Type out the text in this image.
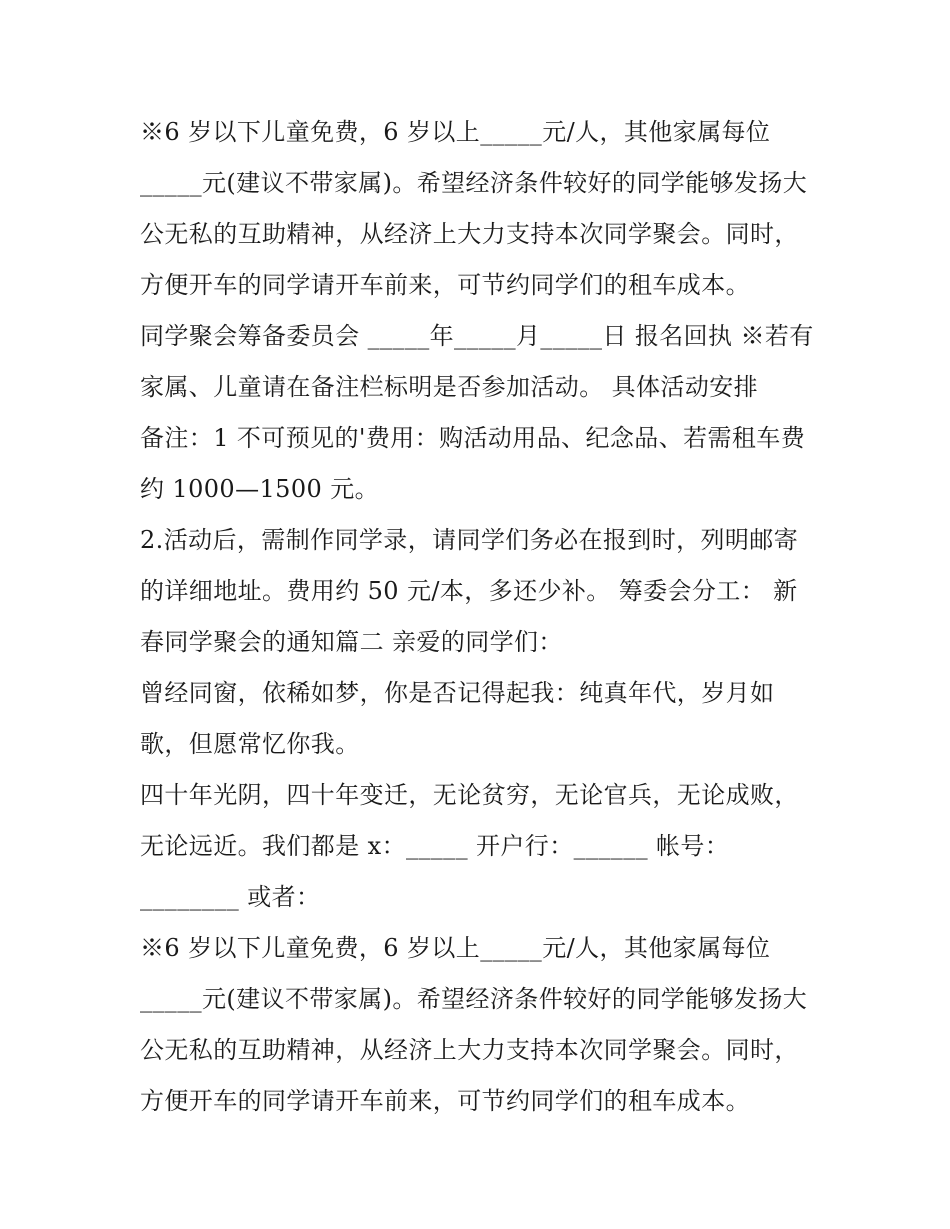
※6 岁以下儿童免费，6 岁以上_____元/人，其他家属每位
_____元(建议不带家属)。希望经济条件较好的同学能够发扬大
公无私的互助精神，从经济上大力支持本次同学聚会。同时，
方便开车的同学请开车前来，可节约同学们的租车成本。
同学聚会筹备委员会 _____年_____月_____日 报名回执 ※若有
家属、儿童请在备注栏标明是否参加活动。 具体活动安排
备注：1 不可预见的'费用：购活动用品、纪念品、若需租车费
约 1000—1500 元。
2.活动后，需制作同学录，请同学们务必在报到时，列明邮寄
的详细地址。费用约 50 元/本，多还少补。 筹委会分工： 新
春同学聚会的通知篇二 亲爱的同学们：
曾经同窗，依稀如梦，你是否记得起我：纯真年代，岁月如
歌，但愿常忆你我。
四十年光阴，四十年变迁，无论贫穷，无论官兵，无论成败，
无论远近。我们都是 x：_____ 开户行：______ 帐号：
________ 或者：
※6 岁以下儿童免费，6 岁以上_____元/人，其他家属每位
_____元(建议不带家属)。希望经济条件较好的同学能够发扬大
公无私的互助精神，从经济上大力支持本次同学聚会。同时，
方便开车的同学请开车前来，可节约同学们的租车成本。
